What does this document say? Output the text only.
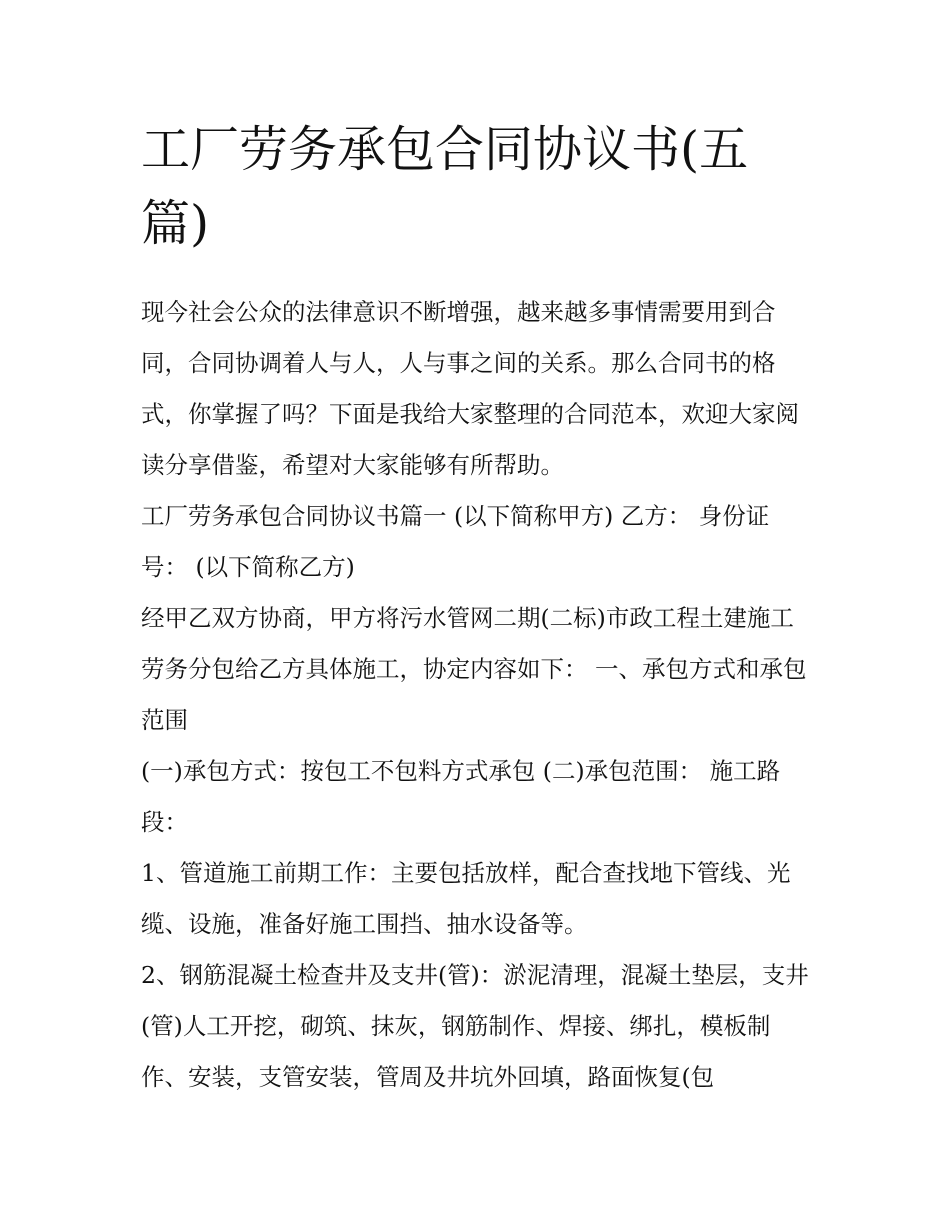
工厂劳务承包合同协议书(五篇)

现今社会公众的法律意识不断增强，越来越多事情需要用到合同，合同协调着人与人，人与事之间的关系。那么合同书的格式，你掌握了吗？下面是我给大家整理的合同范本，欢迎大家阅读分享借鉴，希望对大家能够有所帮助。

工厂劳务承包合同协议书篇一 (以下简称甲方) 乙方： 身份证号： (以下简称乙方)

经甲乙双方协商，甲方将污水管网二期(二标)市政工程土建施工劳务分包给乙方具体施工，协定内容如下： 一、承包方式和承包范围

(一)承包方式：按包工不包料方式承包 (二)承包范围： 施工路段：

1、管道施工前期工作：主要包括放样，配合查找地下管线、光缆、设施，准备好施工围挡、抽水设备等。

2、钢筋混凝土检查井及支井(管)：淤泥清理，混凝土垫层，支井(管)人工开挖，砌筑、抹灰，钢筋制作、焊接、绑扎，模板制作、安装，支管安装，管周及井坑外回填，路面恢复(包
